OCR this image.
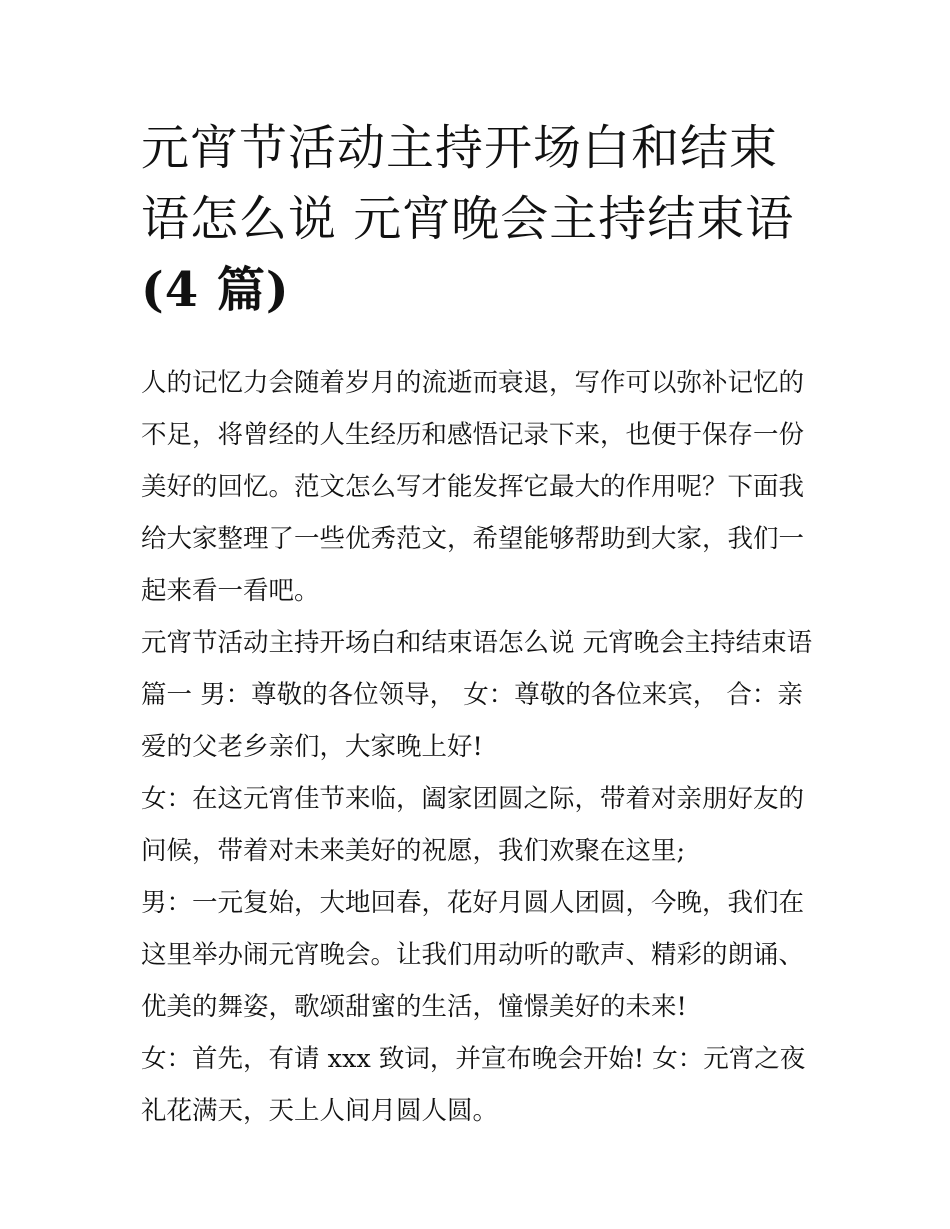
元宵节活动主持开场白和结束语怎么说 元宵晚会主持结束语
(4 篇)

人的记忆力会随着岁月的流逝而衰退，写作可以弥补记忆的不足，将曾经的人生经历和感悟记录下来，也便于保存一份美好的回忆。范文怎么写才能发挥它最大的作用呢？下面我给大家整理了一些优秀范文，希望能够帮助到大家，我们一起来看一看吧。

元宵节活动主持开场白和结束语怎么说 元宵晚会主持结束语

篇一 男：尊敬的各位领导， 女：尊敬的各位来宾， 合：亲爱的父老乡亲们，大家晚上好!

女：在这元宵佳节来临，阖家团圆之际，带着对亲朋好友的问候，带着对未来美好的祝愿，我们欢聚在这里;

男：一元复始，大地回春，花好月圆人团圆，今晚，我们在这里举办闹元宵晚会。让我们用动听的歌声、精彩的朗诵、优美的舞姿，歌颂甜蜜的生活，憧憬美好的未来!

女：首先，有请 xxx 致词，并宣布晚会开始! 女：元宵之夜礼花满天，天上人间月圆人圆。
